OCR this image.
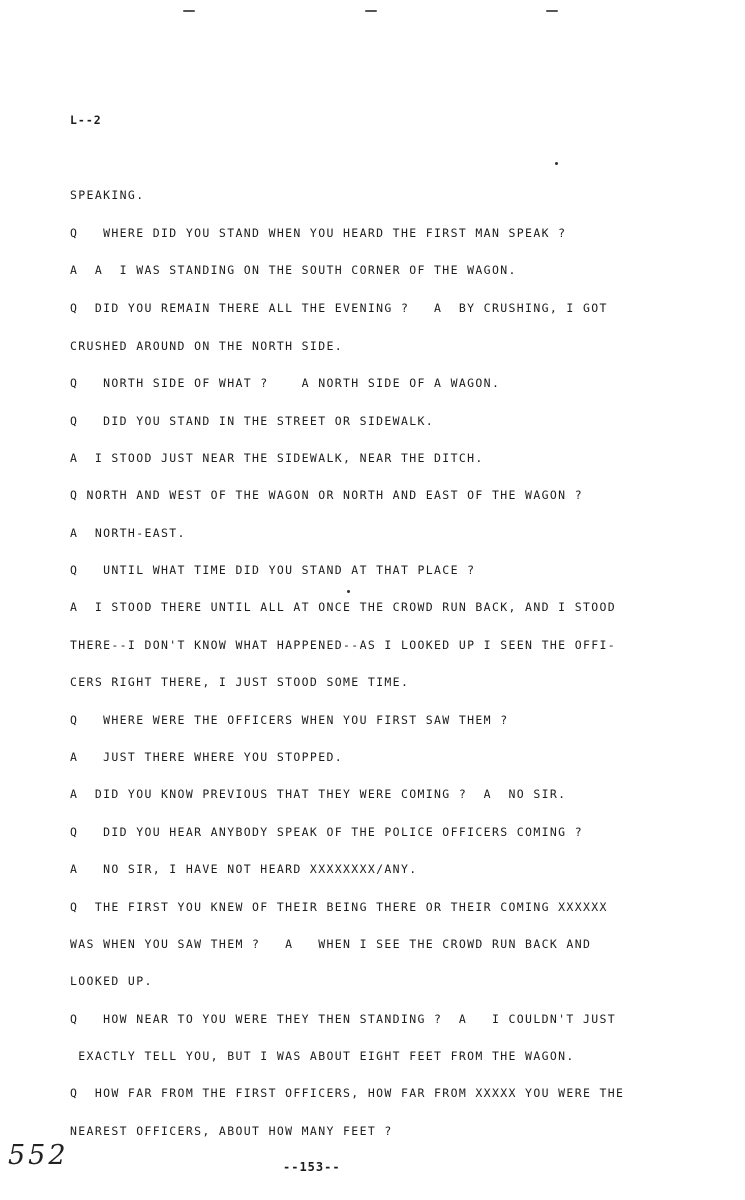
L--2
SPEAKING.
Q   WHERE DID YOU STAND WHEN YOU HEARD THE FIRST MAN SPEAK ?
A  A  I WAS STANDING ON THE SOUTH CORNER OF THE WAGON.
Q  DID YOU REMAIN THERE ALL THE EVENING ?   A  BY CRUSHING, I GOT
CRUSHED AROUND ON THE NORTH SIDE.
Q   NORTH SIDE OF WHAT ?    A NORTH SIDE OF A WAGON.
Q   DID YOU STAND IN THE STREET OR SIDEWALK.
A  I STOOD JUST NEAR THE SIDEWALK, NEAR THE DITCH.
Q NORTH AND WEST OF THE WAGON OR NORTH AND EAST OF THE WAGON ?
A  NORTH-EAST.
Q   UNTIL WHAT TIME DID YOU STAND AT THAT PLACE ?
A  I STOOD THERE UNTIL ALL AT ONCE THE CROWD RUN BACK, AND I STOOD
THERE--I DON'T KNOW WHAT HAPPENED--AS I LOOKED UP I SEEN THE OFFI-
CERS RIGHT THERE, I JUST STOOD SOME TIME.
Q   WHERE WERE THE OFFICERS WHEN YOU FIRST SAW THEM ?
A   JUST THERE WHERE YOU STOPPED.
A  DID YOU KNOW PREVIOUS THAT THEY WERE COMING ?  A  NO SIR.
Q   DID YOU HEAR ANYBODY SPEAK OF THE POLICE OFFICERS COMING ?
A   NO SIR, I HAVE NOT HEARD XXXXXXXX/ANY.
Q  THE FIRST YOU KNEW OF THEIR BEING THERE OR THEIR COMING XXXXXX
WAS WHEN YOU SAW THEM ?   A   WHEN I SEE THE CROWD RUN BACK AND
LOOKED UP.
Q   HOW NEAR TO YOU WERE THEY THEN STANDING ?  A   I COULDN'T JUST
EXACTLY TELL YOU, BUT I WAS ABOUT EIGHT FEET FROM THE WAGON.
Q  HOW FAR FROM THE FIRST OFFICERS, HOW FAR FROM XXXXX YOU WERE THE
NEAREST OFFICERS, ABOUT HOW MANY FEET ?
552	--153--
